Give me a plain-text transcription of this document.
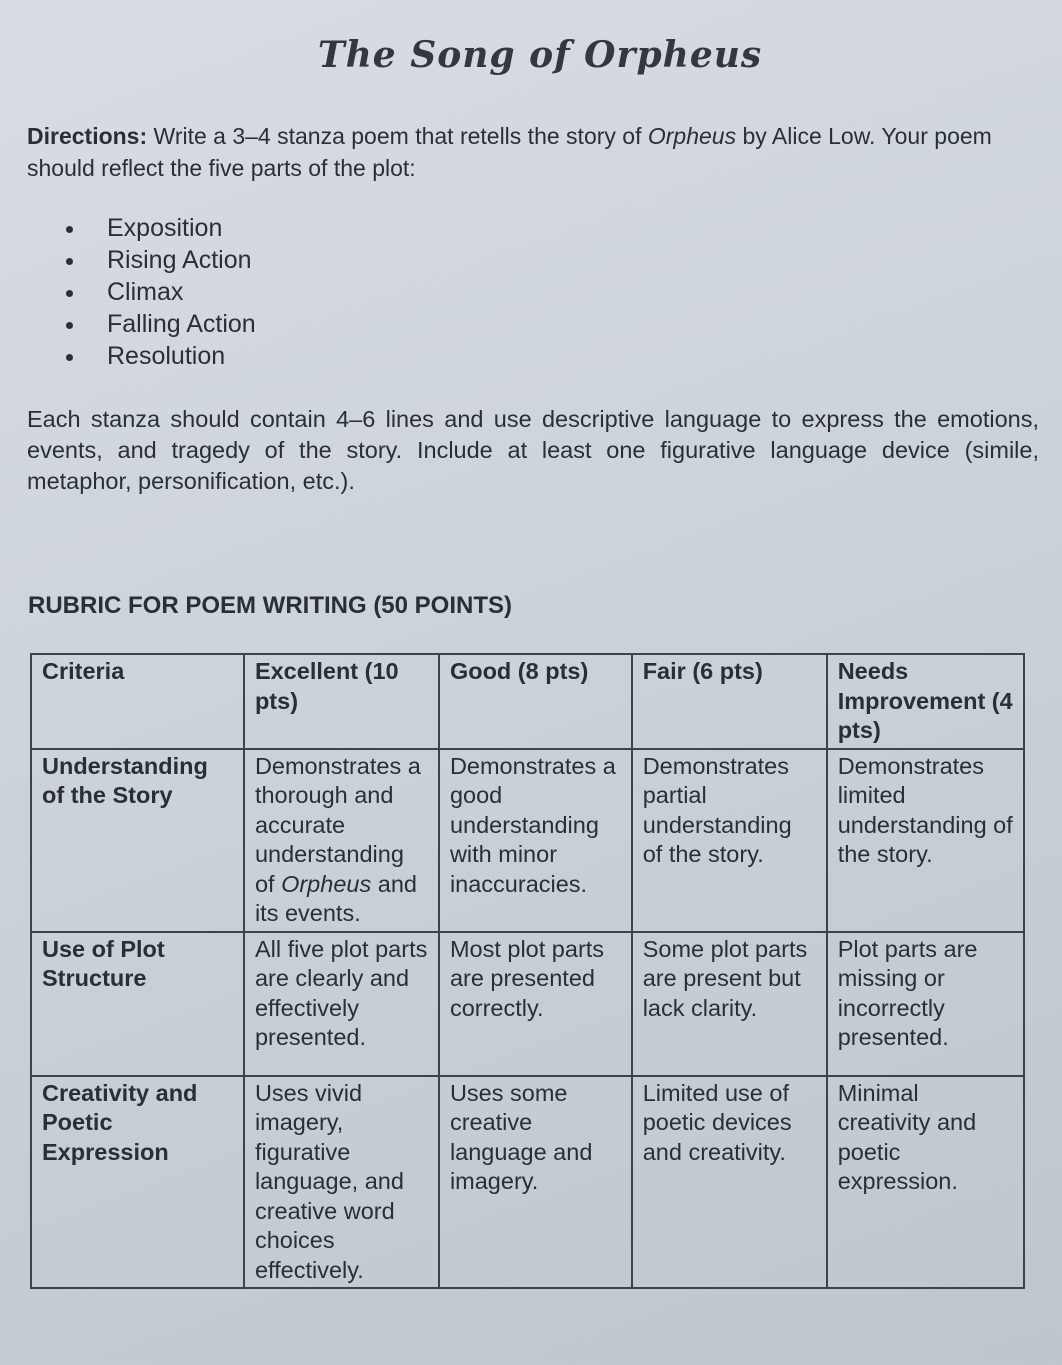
The Song of Orpheus
Directions: Write a 3–4 stanza poem that retells the story of Orpheus by Alice Low. Your poem should reflect the five parts of the plot:
Exposition
Rising Action
Climax
Falling Action
Resolution
Each stanza should contain 4–6 lines and use descriptive language to express the emotions, events, and tragedy of the story. Include at least one figurative language device (simile, metaphor, personification, etc.).
RUBRIC FOR POEM WRITING (50 POINTS)
Criteria	Excellent (10 pts)	Good (8 pts)	Fair (6 pts)	Needs Improvement (4 pts)
Understanding of the Story	Demonstrates a thorough and accurate understanding of Orpheus and its events.	Demonstrates a good understanding with minor inaccuracies.	Demonstrates partial understanding of the story.	Demonstrates limited understanding of the story.
Use of Plot Structure	All five plot parts are clearly and effectively presented.	Most plot parts are presented correctly.	Some plot parts are present but lack clarity.	Plot parts are missing or incorrectly presented.
Creativity and Poetic Expression	Uses vivid imagery, figurative language, and creative word choices effectively.	Uses some creative language and imagery.	Limited use of poetic devices and creativity.	Minimal creativity and poetic expression.
